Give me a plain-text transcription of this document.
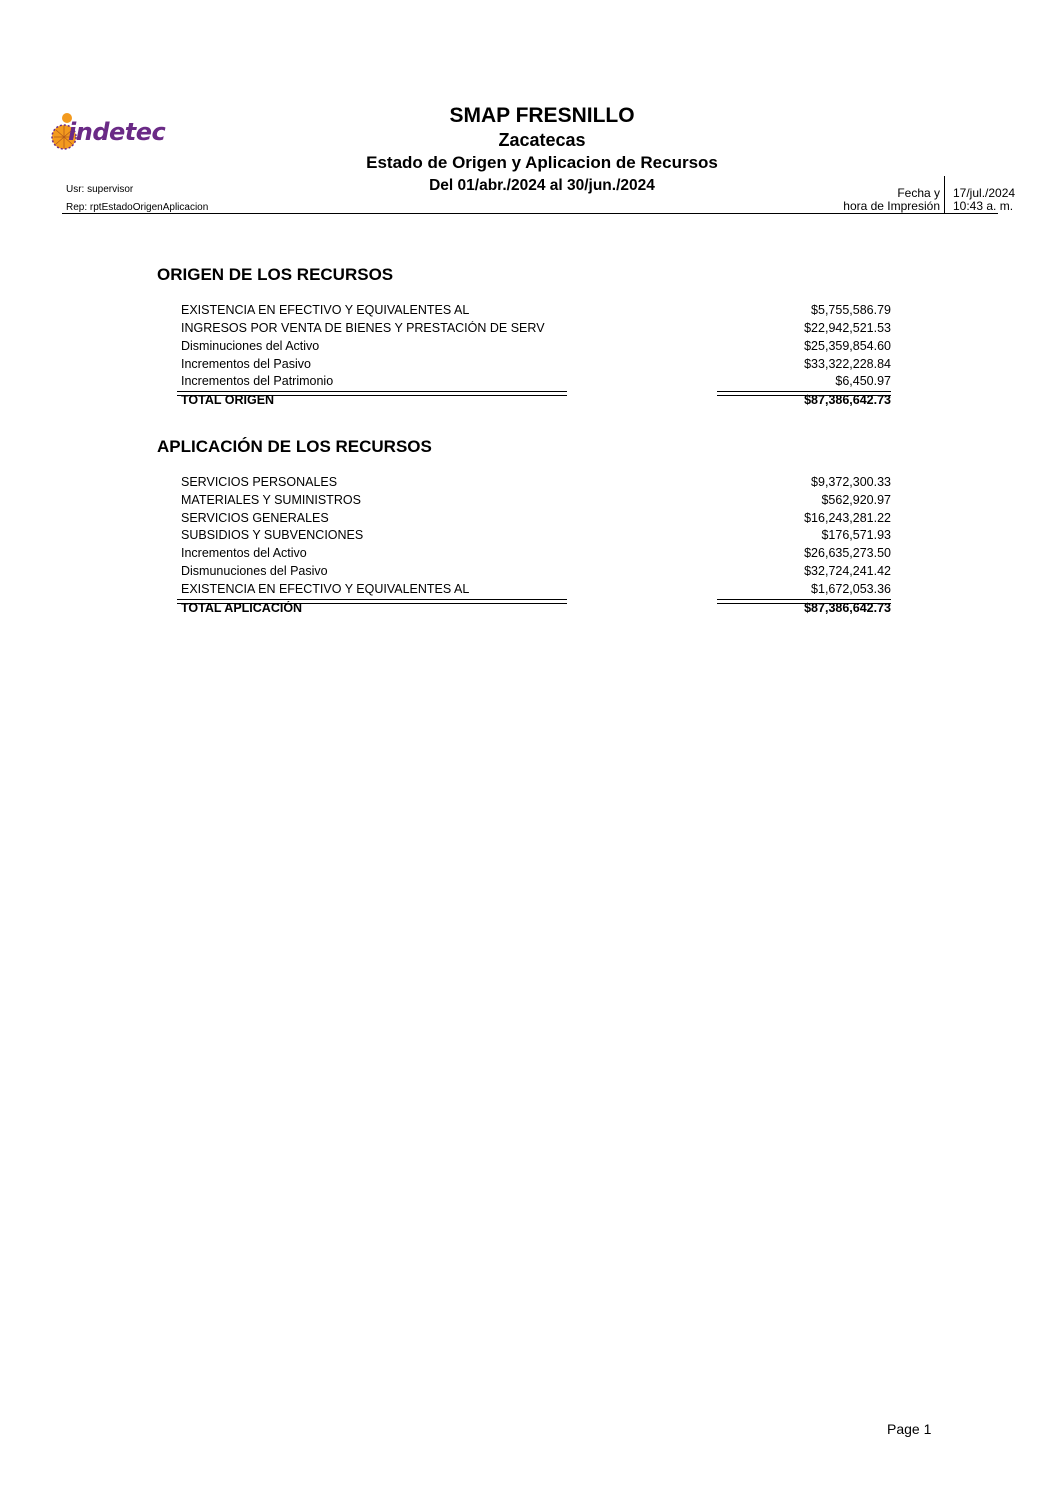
indetec
SMAP FRESNILLO
Zacatecas
Estado de Origen y Aplicacion de Recursos
Del 01/abr./2024 al 30/jun./2024
Usr: supervisor
Rep: rptEstadoOrigenAplicacion
Fecha y
hora de Impresión
17/jul./2024
10:43 a. m.
ORIGEN DE LOS RECURSOS
EXISTENCIA EN EFECTIVO Y EQUIVALENTES AL	$5,755,586.79
INGRESOS POR VENTA DE BIENES Y PRESTACIÓN DE SERV	$22,942,521.53
Disminuciones del Activo	$25,359,854.60
Incrementos del Pasivo	$33,322,228.84
Incrementos del Patrimonio	$6,450.97
TOTAL ORIGEN	$87,386,642.73
APLICACIÓN DE LOS RECURSOS
SERVICIOS PERSONALES	$9,372,300.33
MATERIALES Y SUMINISTROS	$562,920.97
SERVICIOS GENERALES	$16,243,281.22
SUBSIDIOS Y SUBVENCIONES	$176,571.93
Incrementos del Activo	$26,635,273.50
Dismunuciones del Pasivo	$32,724,241.42
EXISTENCIA EN EFECTIVO Y EQUIVALENTES AL	$1,672,053.36
TOTAL APLICACIÓN	$87,386,642.73
Page 1
